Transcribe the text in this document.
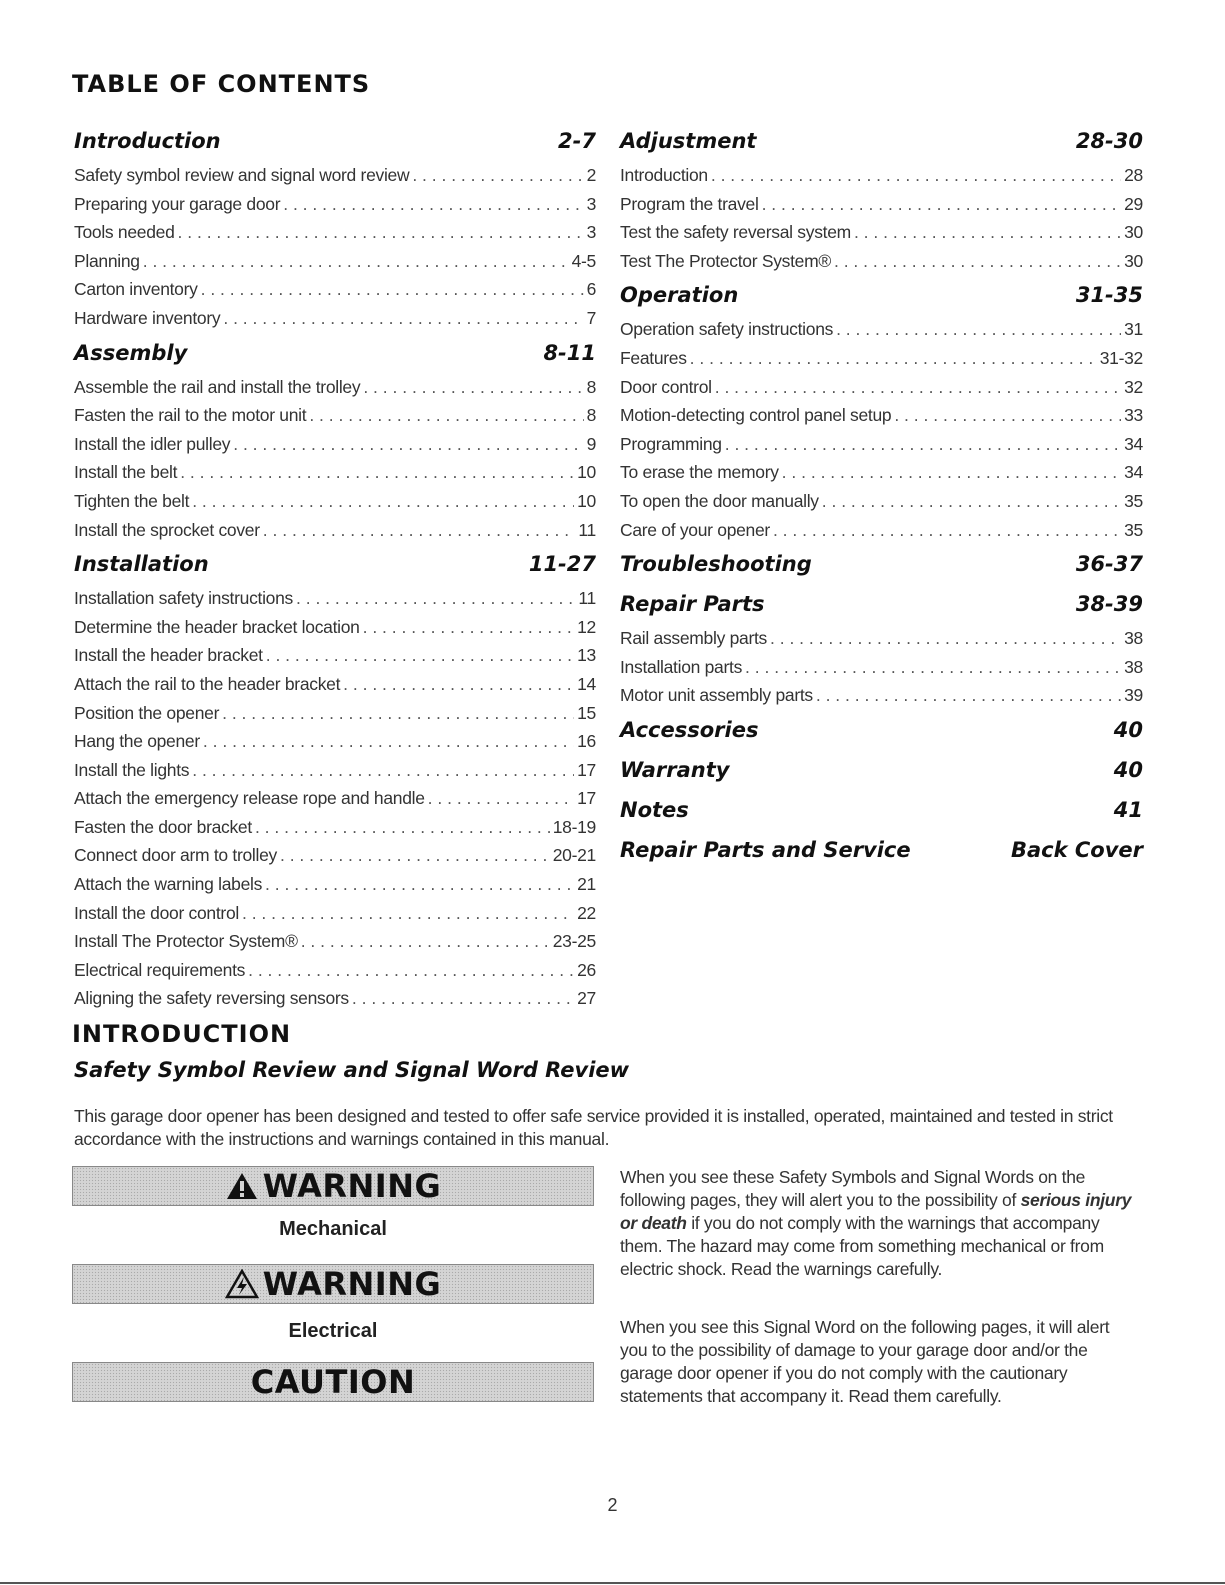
TABLE OF CONTENTS
Introduction	2-7
Safety symbol review and signal word review . . .	2
Preparing your garage door . . .	3
Tools needed . . .	3
Planning . . .	4-5
Carton inventory . . .	6
Hardware inventory . . .	7
Assembly	8-11
Assemble the rail and install the trolley . . .	8
Fasten the rail to the motor unit . . .	8
Install the idler pulley . . .	9
Install the belt . . .	10
Tighten the belt . . .	10
Install the sprocket cover . . .	11
Installation	11-27
Installation safety instructions . . .	11
Determine the header bracket location . . .	12
Install the header bracket . . .	13
Attach the rail to the header bracket . . .	14
Position the opener . . .	15
Hang the opener . . .	16
Install the lights . . .	17
Attach the emergency release rope and handle . . .	17
Fasten the door bracket . . .	18-19
Connect door arm to trolley . . .	20-21
Attach the warning labels . . .	21
Install the door control . . .	22
Install The Protector System® . . .	23-25
Electrical requirements . . .	26
Aligning the safety reversing sensors . . .	27
Adjustment	28-30
Introduction . . .	28
Program the travel . . .	29
Test the safety reversal system . . .	30
Test The Protector System® . . .	30
Operation	31-35
Operation safety instructions . . .	31
Features . . .	31-32
Door control . . .	32
Motion-detecting control panel setup . . .	33
Programming . . .	34
To erase the memory . . .	34
To open the door manually . . .	35
Care of your opener . . .	35
Troubleshooting	36-37
Repair Parts	38-39
Rail assembly parts . . .	38
Installation parts . . .	38
Motor unit assembly parts . . .	39
Accessories	40
Warranty	40
Notes	41
Repair Parts and Service	Back Cover
INTRODUCTION
Safety Symbol Review and Signal Word Review

This garage door opener has been designed and tested to offer safe service provided it is installed, operated, maintained and tested in strict accordance with the instructions and warnings contained in this manual.

WARNING
Mechanical
WARNING
Electrical
CAUTION

When you see these Safety Symbols and Signal Words on the following pages, they will alert you to the possibility of serious injury or death if you do not comply with the warnings that accompany them. The hazard may come from something mechanical or from electric shock. Read the warnings carefully.

When you see this Signal Word on the following pages, it will alert you to the possibility of damage to your garage door and/or the garage door opener if you do not comply with the cautionary statements that accompany it. Read them carefully.

2
